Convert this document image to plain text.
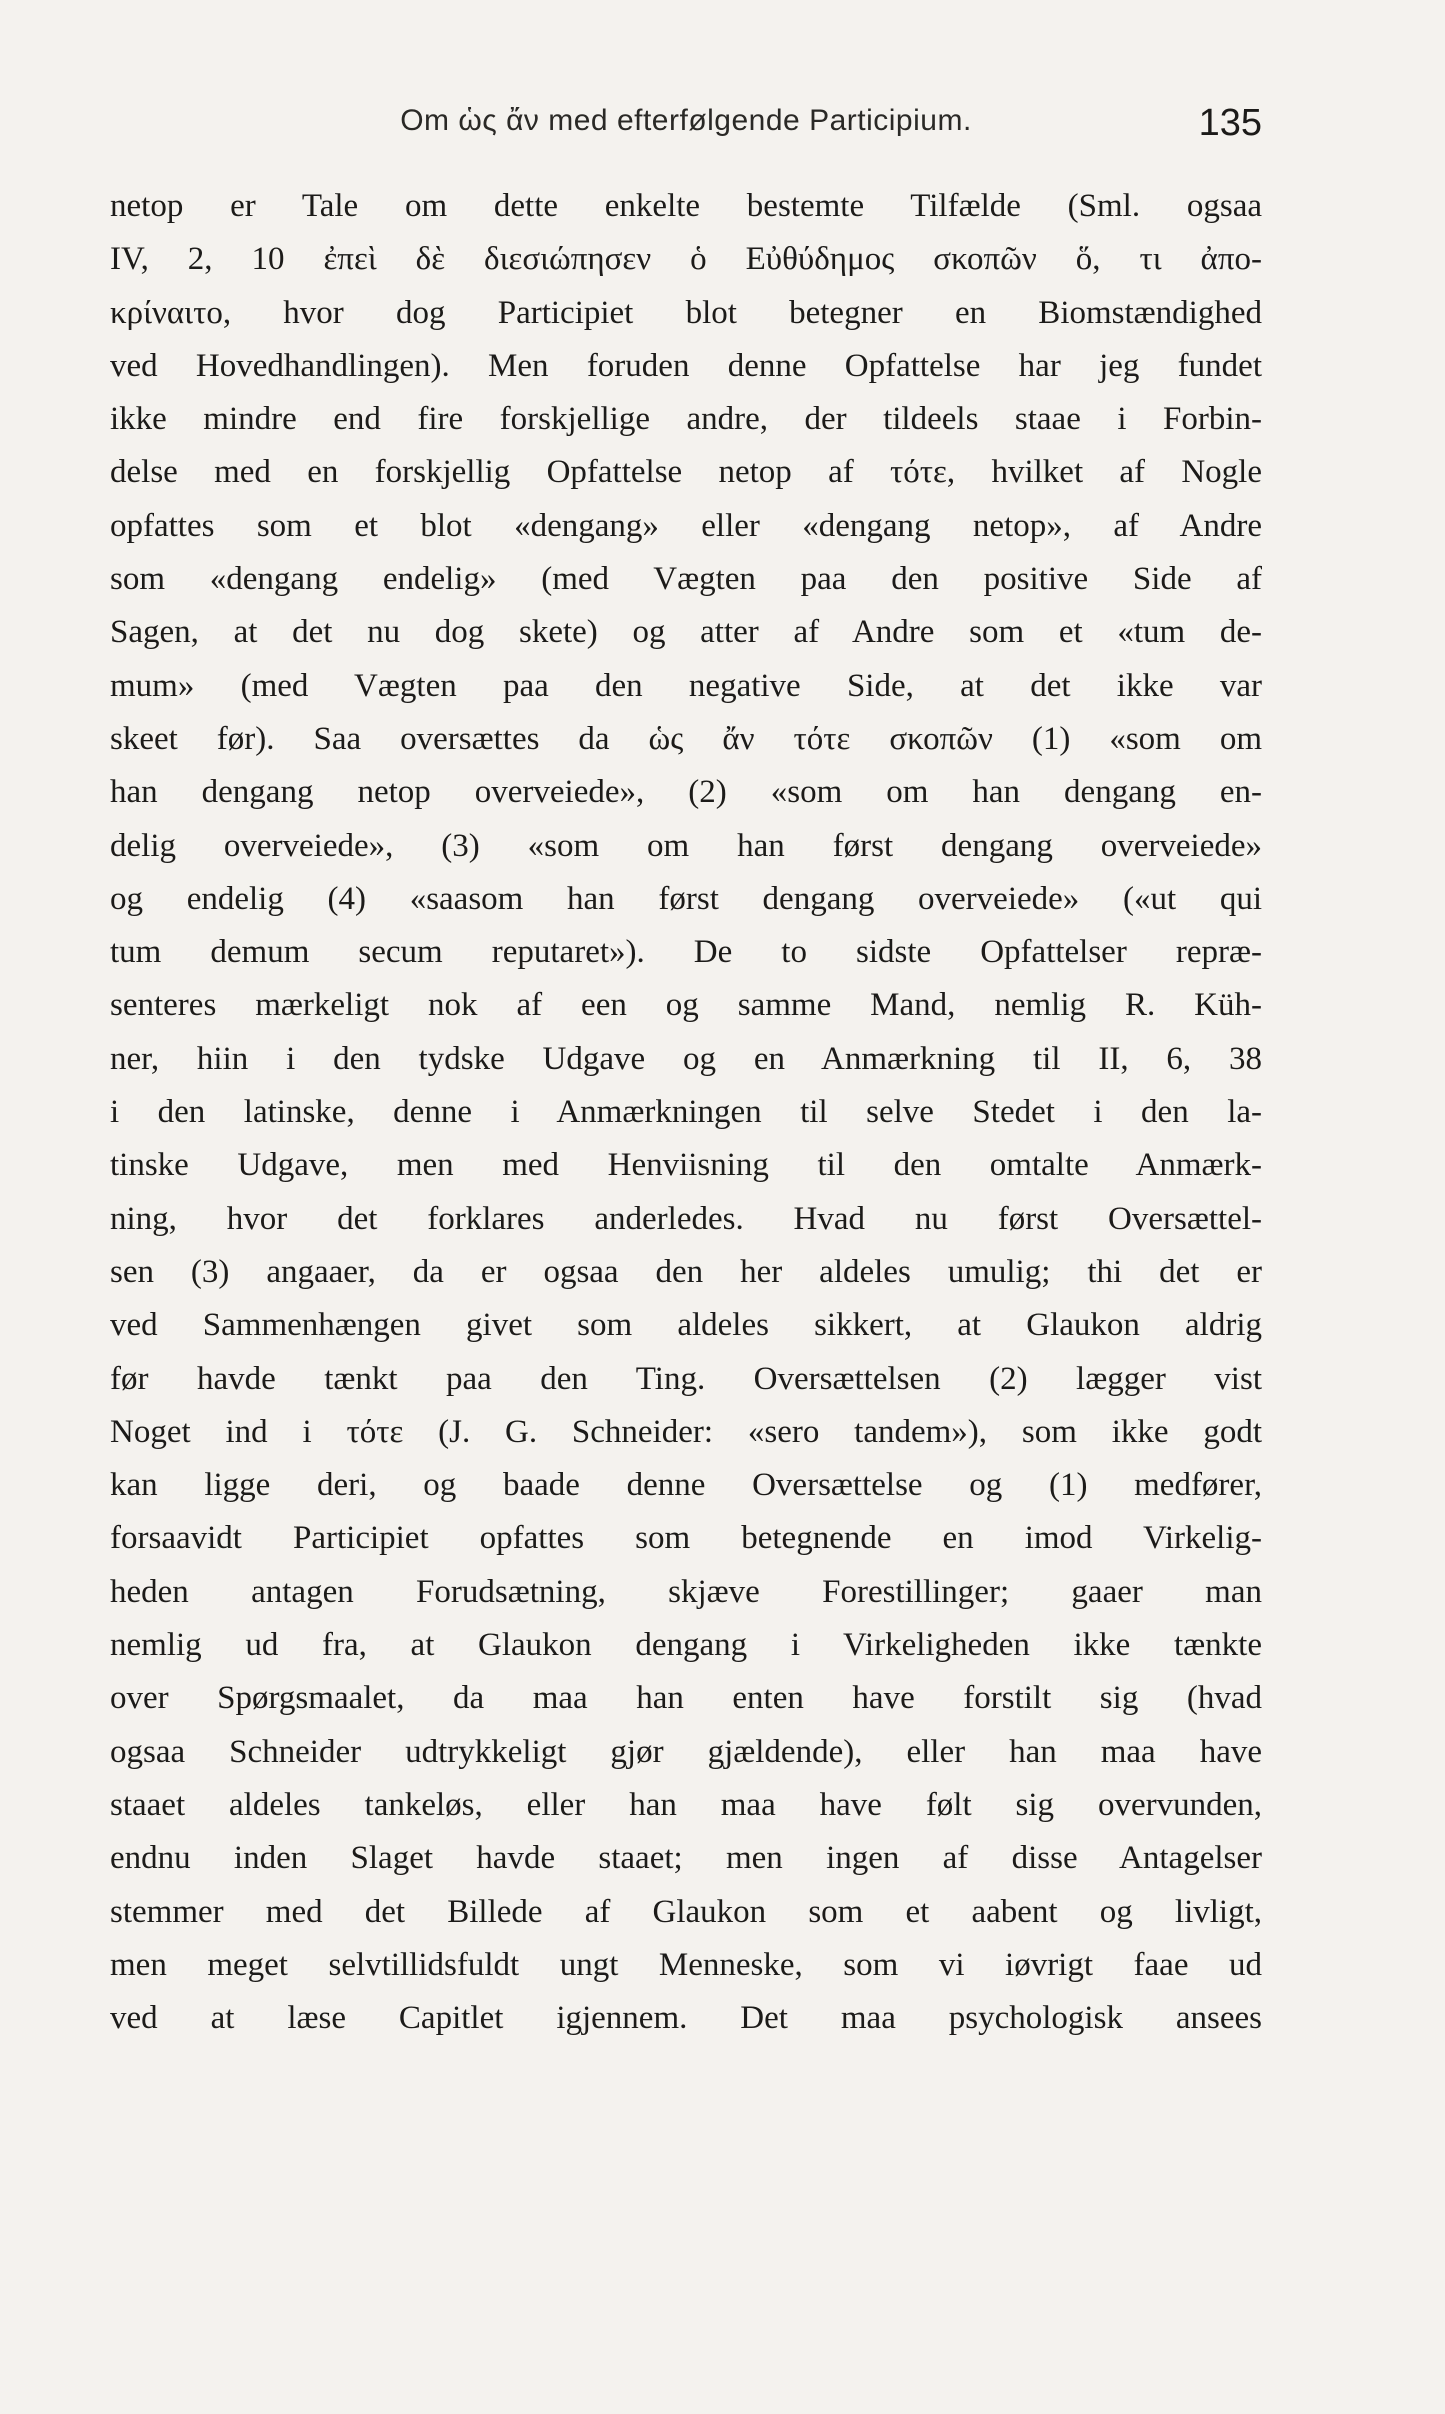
Om ὡς ἄν med efterfølgende Participium.	135
netop er Tale om dette enkelte bestemte Tilfælde (Sml. ogsaa
IV, 2, 10 ἐπεὶ δὲ διεσιώπησεν ὁ Εὐθύδημος σκοπῶν ὅ, τι ἀπο-
κρίναιτο, hvor dog Participiet blot betegner en Biomstændighed
ved Hovedhandlingen). Men foruden denne Opfattelse har jeg fundet
ikke mindre end fire forskjellige andre, der tildeels staae i Forbin-
delse med en forskjellig Opfattelse netop af τότε, hvilket af Nogle
opfattes som et blot «dengang» eller «dengang netop», af Andre
som «dengang endelig» (med Vægten paa den positive Side af
Sagen, at det nu dog skete) og atter af Andre som et «tum de-
mum» (med Vægten paa den negative Side, at det ikke var
skeet før). Saa oversættes da ὡς ἄν τότε σκοπῶν (1) «som om
han dengang netop overveiede», (2) «som om han dengang en-
delig overveiede», (3) «som om han først dengang overveiede»
og endelig (4) «saasom han først dengang overveiede» («ut qui
tum demum secum reputaret»). De to sidste Opfattelser repræ-
senteres mærkeligt nok af een og samme Mand, nemlig R. Küh-
ner, hiin i den tydske Udgave og en Anmærkning til II, 6, 38
i den latinske, denne i Anmærkningen til selve Stedet i den la-
tinske Udgave, men med Henviisning til den omtalte Anmærk-
ning, hvor det forklares anderledes. Hvad nu først Oversættel-
sen (3) angaaer, da er ogsaa den her aldeles umulig; thi det er
ved Sammenhængen givet som aldeles sikkert, at Glaukon aldrig
før havde tænkt paa den Ting. Oversættelsen (2) lægger vist
Noget ind i τότε (J. G. Schneider: «sero tandem»), som ikke godt
kan ligge deri, og baade denne Oversættelse og (1) medfører,
forsaavidt Participiet opfattes som betegnende en imod Virkelig-
heden antagen Forudsætning, skjæve Forestillinger; gaaer man
nemlig ud fra, at Glaukon dengang i Virkeligheden ikke tænkte
over Spørgsmaalet, da maa han enten have forstilt sig (hvad
ogsaa Schneider udtrykkeligt gjør gjældende), eller han maa have
staaet aldeles tankeløs, eller han maa have følt sig overvunden,
endnu inden Slaget havde staaet; men ingen af disse Antagelser
stemmer med det Billede af Glaukon som et aabent og livligt,
men meget selvtillidsfuldt ungt Menneske, som vi iøvrigt faae ud
ved at læse Capitlet igjennem. Det maa psychologisk ansees
